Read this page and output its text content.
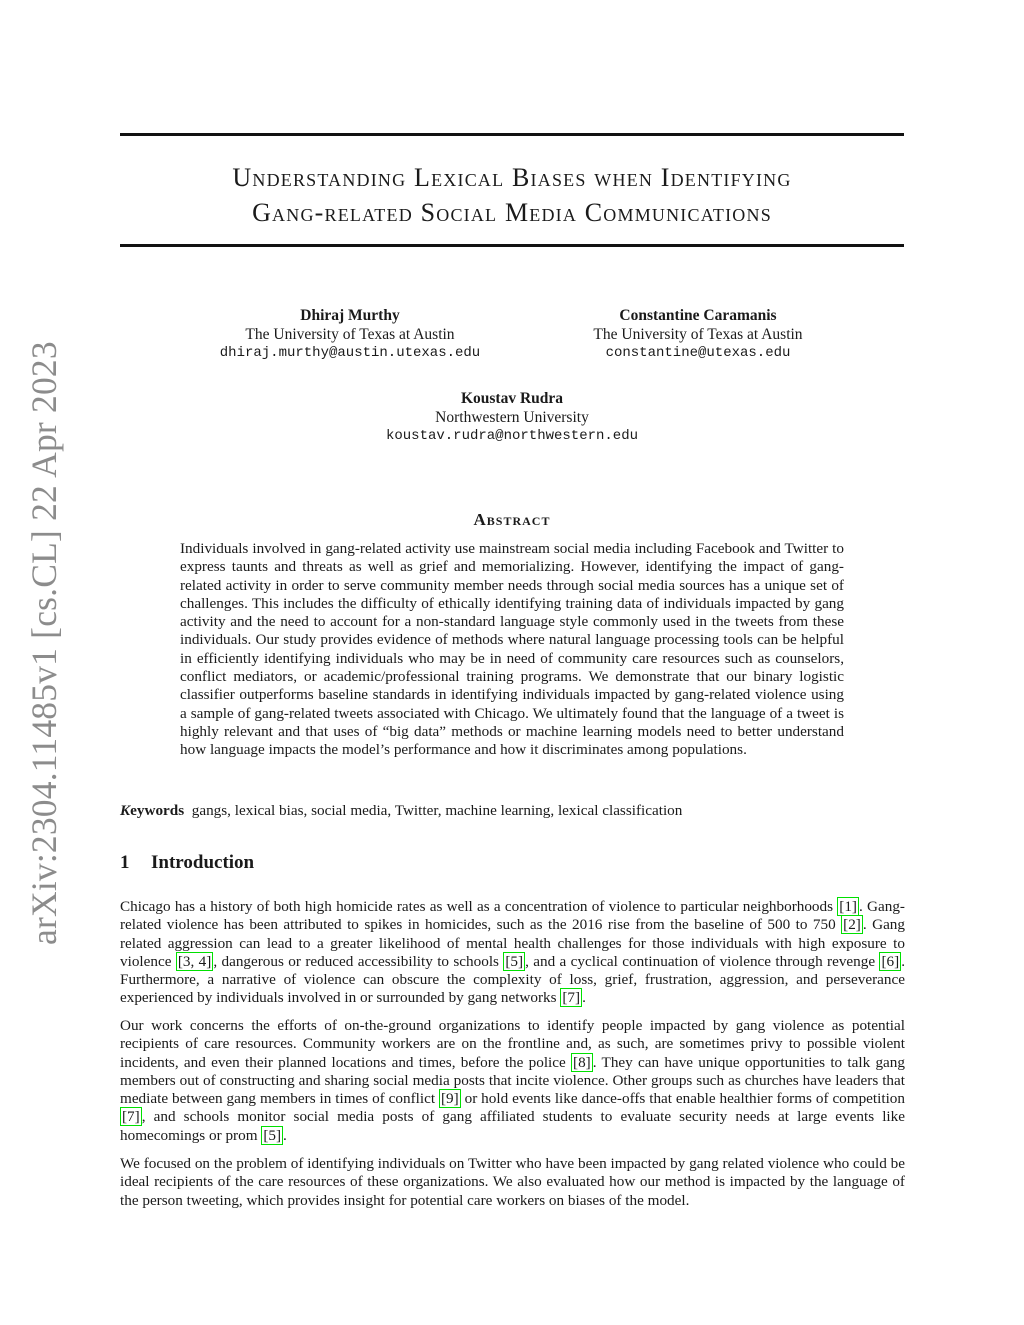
arXiv:2304.11485v1 [cs.CL] 22 Apr 2023
Understanding Lexical Biases when Identifying
Gang-related Social Media Communications
Dhiraj Murthy
The University of Texas at Austin
dhiraj.murthy@austin.utexas.edu
Constantine Caramanis
The University of Texas at Austin
constantine@utexas.edu
Koustav Rudra
Northwestern University
koustav.rudra@northwestern.edu
Abstract

Individuals involved in gang-related activity use mainstream social media including Facebook and Twitter to express taunts and threats as well as grief and memorializing. However, identifying the impact of gang-related activity in order to serve community member needs through social media sources has a unique set of challenges. This includes the difficulty of ethically identifying training data of individuals impacted by gang activity and the need to account for a non-standard language style commonly used in the tweets from these individuals. Our study provides evidence of methods where natural language processing tools can be helpful in efficiently identifying individuals who may be in need of community care resources such as counselors, conflict mediators, or academic/professional training programs. We demonstrate that our binary logistic classifier outperforms baseline standards in identifying individuals impacted by gang-related violence using a sample of gang-related tweets associated with Chicago. We ultimately found that the language of a tweet is highly relevant and that uses of “big data” methods or machine learning models need to better understand how language impacts the model’s performance and how it discriminates among populations.

Keywords gangs, lexical bias, social media, Twitter, machine learning, lexical classification
1 Introduction

Chicago has a history of both high homicide rates as well as a concentration of violence to particular neighborhoods [1] . Gang-related violence has been attributed to spikes in homicides, such as the 2016 rise from the baseline of 500 to 750 [2] . Gang related aggression can lead to a greater likelihood of mental health challenges for those individuals with high exposure to violence [3, 4] , dangerous or reduced accessibility to schools [5] , and a cyclical continuation of violence through revenge [6] . Furthermore, a narrative of violence can obscure the complexity of loss, grief, frustration, aggression, and perseverance experienced by individuals involved in or surrounded by gang networks [7] .

Our work concerns the efforts of on-the-ground organizations to identify people impacted by gang violence as potential recipients of care resources. Community workers are on the frontline and, as such, are sometimes privy to possible violent incidents, and even their planned locations and times, before the police [8] . They can have unique opportunities to talk gang members out of constructing and sharing social media posts that incite violence. Other groups such as churches have leaders that mediate between gang members in times of conflict [9] or hold events like dance-offs that enable healthier forms of competition [7] , and schools monitor social media posts of gang affiliated students to evaluate security needs at large events like homecomings or prom [5] .

We focused on the problem of identifying individuals on Twitter who have been impacted by gang related violence who could be ideal recipients of the care resources of these organizations. We also evaluated how our method is impacted by the language of the person tweeting, which provides insight for potential care workers on biases of the model.
